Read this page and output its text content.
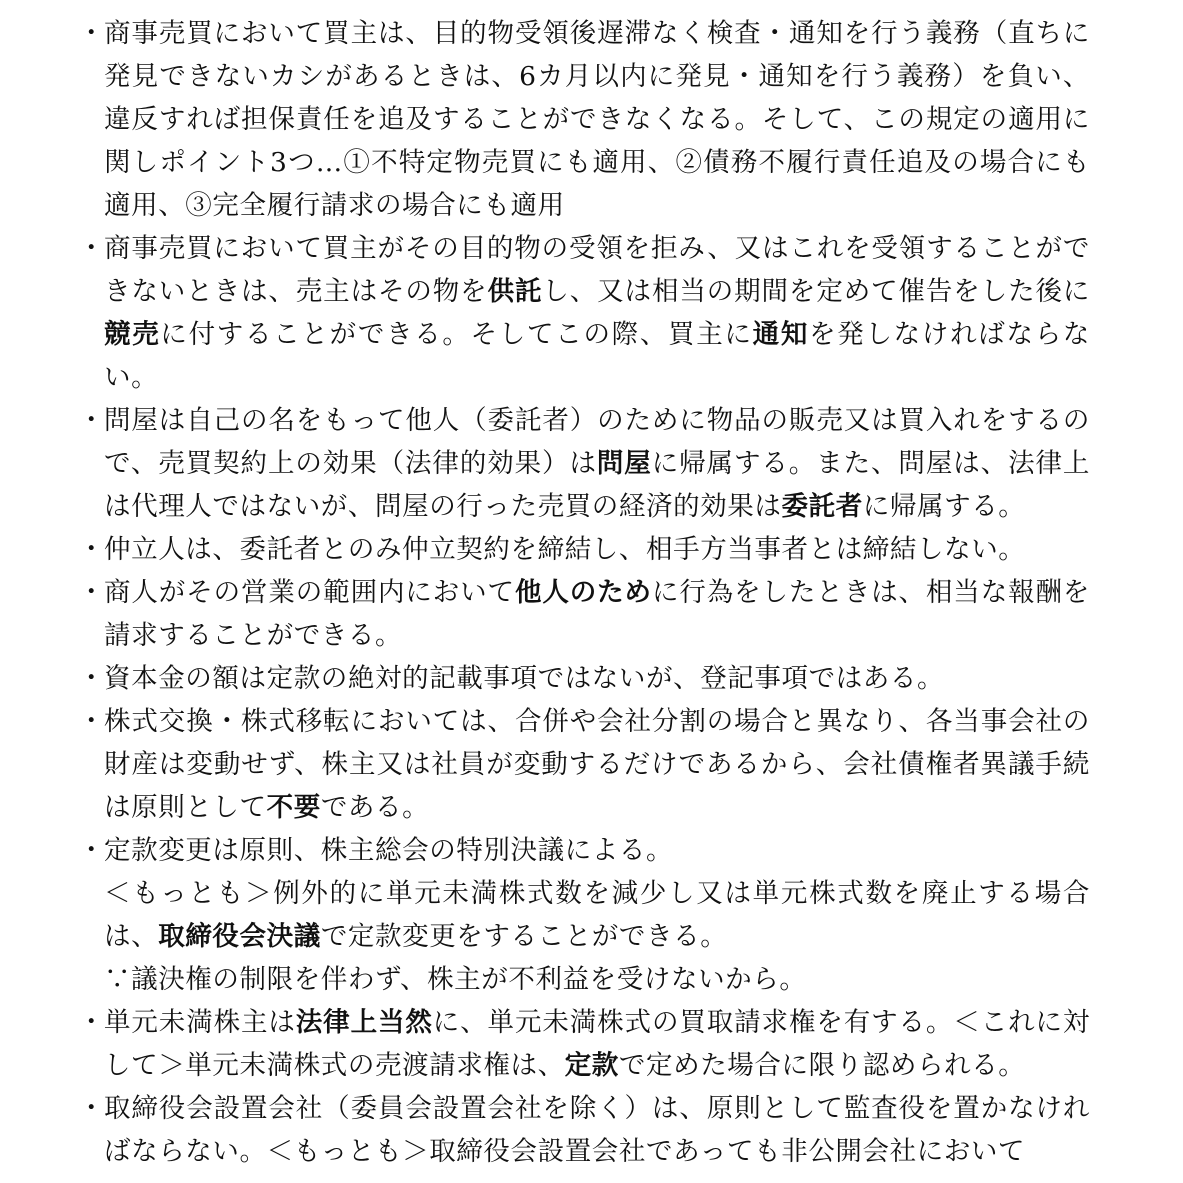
・
商事売買において買主は、目的物受領後遅滞なく検査・通知を行う義務（直ちに発見できないカシがあるときは、6カ月以内に発見・通知を行う義務）を負い、違反すれば担保責任を追及することができなくなる。そして、この規定の適用に関しポイント3つ…①不特定物売買にも適用、②債務不履行責任追及の場合にも適用、③完全履行請求の場合にも適用
・
商事売買において買主がその目的物の受領を拒み、又はこれを受領することができないときは、売主はその物を供託し、又は相当の期間を定めて催告をした後に競売に付することができる。そしてこの際、買主に通知を発しなければならない。
・
問屋は自己の名をもって他人（委託者）のために物品の販売又は買入れをするので、売買契約上の効果（法律的効果）は問屋に帰属する。また、問屋は、法律上は代理人ではないが、問屋の行った売買の経済的効果は委託者に帰属する。
・
仲立人は、委託者とのみ仲立契約を締結し、相手方当事者とは締結しない。
・
商人がその営業の範囲内において他人のために行為をしたときは、相当な報酬を請求することができる。
・
資本金の額は定款の絶対的記載事項ではないが、登記事項ではある。
・
株式交換・株式移転においては、合併や会社分割の場合と異なり、各当事会社の財産は変動せず、株主又は社員が変動するだけであるから、会社債権者異議手続は原則として不要である。
・
定款変更は原則、株主総会の特別決議による。
＜もっとも＞例外的に単元未満株式数を減少し又は単元株式数を廃止する場合は、取締役会決議で定款変更をすることができる。
∵議決権の制限を伴わず、株主が不利益を受けないから。
・
単元未満株主は法律上当然に、単元未満株式の買取請求権を有する。＜これに対して＞単元未満株式の売渡請求権は、定款で定めた場合に限り認められる。
・
取締役会設置会社（委員会設置会社を除く）は、原則として監査役を置かなければならない。＜もっとも＞取締役会設置会社であっても非公開会社において
